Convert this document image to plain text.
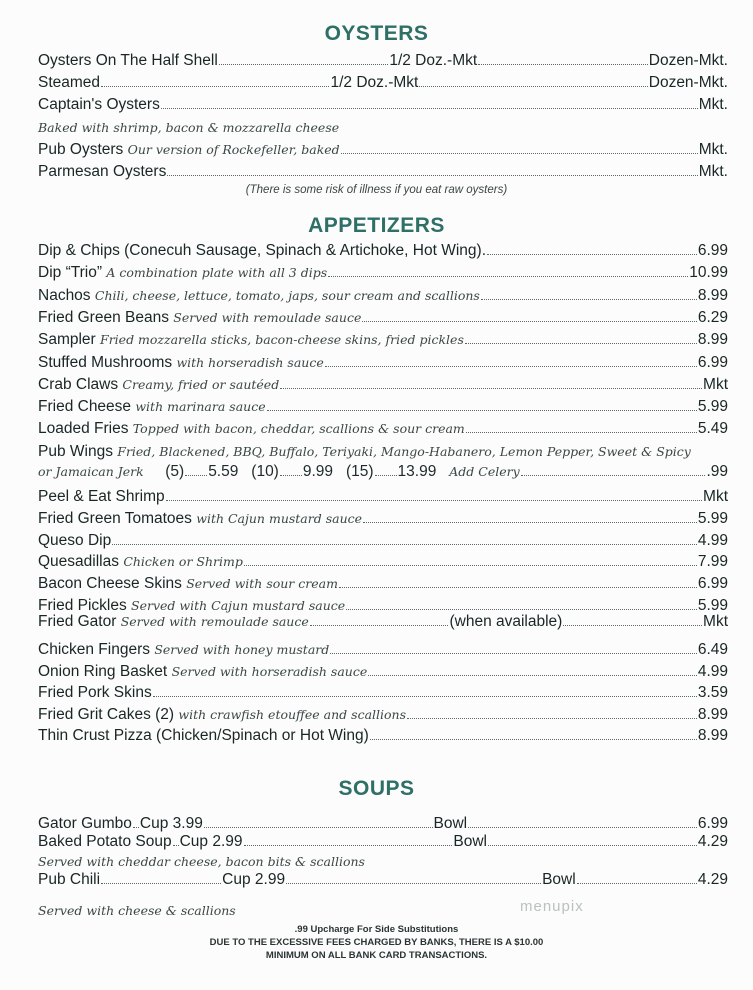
OYSTERS
Oysters On The Half Shell	1/2 Doz.-Mkt	Dozen-Mkt.
Steamed	1/2 Doz.-Mkt	Dozen-Mkt.
Captain's Oysters	Mkt.
Baked with shrimp, bacon & mozzarella cheese
Pub Oysters
Our version of Rockefeller, baked	Mkt.
Parmesan Oysters	Mkt.
(There is some risk of illness if you eat raw oysters)
APPETIZERS
Dip & Chips (Conecuh Sausage, Spinach & Artichoke, Hot Wing).	6.99
Dip “Trio”
A combination plate with all 3 dips	10.99
Nachos
Chili, cheese, lettuce, tomato, japs, sour cream and scallions	8.99
Fried Green Beans
Served with remoulade sauce	6.29
Sampler
Fried mozzarella sticks, bacon-cheese skins, fried pickles	8.99
Stuffed Mushrooms
with horseradish sauce	6.99
Crab Claws
Creamy, fried or sautéed	Mkt
Fried Cheese
with marinara sauce	5.99
Loaded Fries
Topped with bacon, cheddar, scallions & sour cream	5.49
Pub Wings
Fried, Blackened, BBQ, Buffalo, Teriyaki, Mango-Habanero, Lemon Pepper, Sweet & Spicy
or Jamaican Jerk
(5) 5.59
(10) 9.99
(15) 13.99
Add Celery	.99
Peel & Eat Shrimp	Mkt
Fried Green Tomatoes
with Cajun mustard sauce	5.99
Queso Dip	4.99
Quesadillas
Chicken or Shrimp	7.99
Bacon Cheese Skins
Served with sour cream	6.99
Fried Pickles
Served with Cajun mustard sauce	5.99
Fried Gator
Served with remoulade sauce	(when available)	Mkt
Chicken Fingers
Served with honey mustard	6.49
Onion Ring Basket
Served with horseradish sauce	4.99
Fried Pork Skins	3.59
Fried Grit Cakes (2)
with crawfish etouffee and scallions	8.99
Thin Crust Pizza (Chicken/Spinach or Hot Wing)	8.99
SOUPS
Gator Gumbo Cup 3.99	Bowl	6.99
Baked Potato Soup Cup 2.99	Bowl	4.29
Served with cheddar cheese, bacon bits & scallions
Pub Chili	Cup 2.99	Bowl	4.29
Served with cheese & scallions	menupix
.99 Upcharge For Side Substitutions
DUE TO THE EXCESSIVE FEES CHARGED BY BANKS, THERE IS A $10.00
MINIMUM ON ALL BANK CARD TRANSACTIONS.
